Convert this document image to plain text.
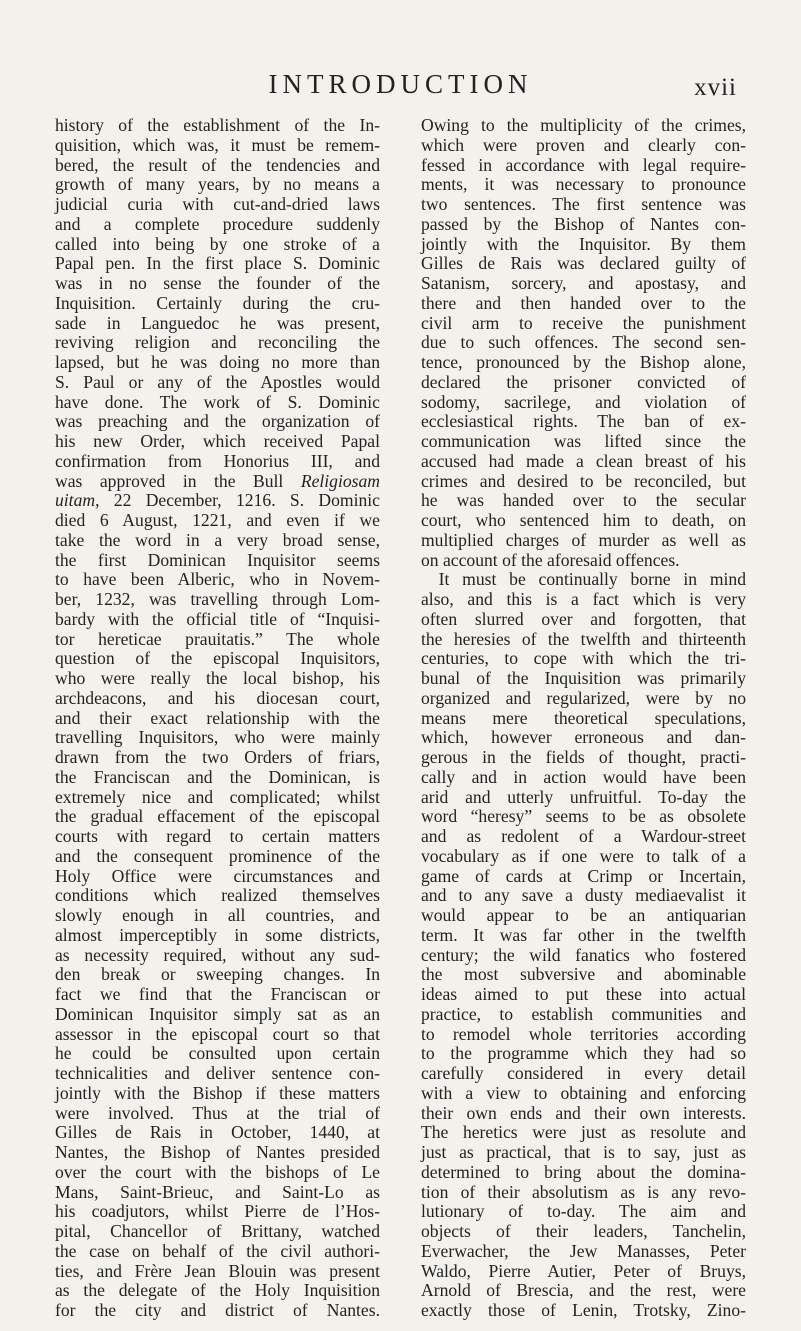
INTRODUCTION	xvii
history of the establishment of the In-
quisition, which was, it must be remem-
bered, the result of the tendencies and
growth of many years, by no means a
judicial curia with cut-and-dried laws
and a complete procedure suddenly
called into being by one stroke of a
Papal pen. In the first place S. Dominic
was in no sense the founder of the
Inquisition. Certainly during the cru-
sade in Languedoc he was present,
reviving religion and reconciling the
lapsed, but he was doing no more than
S. Paul or any of the Apostles would
have done. The work of S. Dominic
was preaching and the organization of
his new Order, which received Papal
confirmation from Honorius III, and
was approved in the Bull Religiosam
uitam, 22 December, 1216. S. Dominic
died 6 August, 1221, and even if we
take the word in a very broad sense,
the first Dominican Inquisitor seems
to have been Alberic, who in Novem-
ber, 1232, was travelling through Lom-
bardy with the official title of “Inquisi-
tor hereticae prauitatis.” The whole
question of the episcopal Inquisitors,
who were really the local bishop, his
archdeacons, and his diocesan court,
and their exact relationship with the
travelling Inquisitors, who were mainly
drawn from the two Orders of friars,
the Franciscan and the Dominican, is
extremely nice and complicated; whilst
the gradual effacement of the episcopal
courts with regard to certain matters
and the consequent prominence of the
Holy Office were circumstances and
conditions which realized themselves
slowly enough in all countries, and
almost imperceptibly in some districts,
as necessity required, without any sud-
den break or sweeping changes. In
fact we find that the Franciscan or
Dominican Inquisitor simply sat as an
assessor in the episcopal court so that
he could be consulted upon certain
technicalities and deliver sentence con-
jointly with the Bishop if these matters
were involved. Thus at the trial of
Gilles de Rais in October, 1440, at
Nantes, the Bishop of Nantes presided
over the court with the bishops of Le
Mans, Saint-Brieuc, and Saint-Lo as
his coadjutors, whilst Pierre de l’Hos-
pital, Chancellor of Brittany, watched
the case on behalf of the civil authori-
ties, and Frère Jean Blouin was present
as the delegate of the Holy Inquisition
for the city and district of Nantes.
Owing to the multiplicity of the crimes,
which were proven and clearly con-
fessed in accordance with legal require-
ments, it was necessary to pronounce
two sentences. The first sentence was
passed by the Bishop of Nantes con-
jointly with the Inquisitor. By them
Gilles de Rais was declared guilty of
Satanism, sorcery, and apostasy, and
there and then handed over to the
civil arm to receive the punishment
due to such offences. The second sen-
tence, pronounced by the Bishop alone,
declared the prisoner convicted of
sodomy, sacrilege, and violation of
ecclesiastical rights. The ban of ex-
communication was lifted since the
accused had made a clean breast of his
crimes and desired to be reconciled, but
he was handed over to the secular
court, who sentenced him to death, on
multiplied charges of murder as well as
on account of the aforesaid offences.
It must be continually borne in mind
also, and this is a fact which is very
often slurred over and forgotten, that
the heresies of the twelfth and thirteenth
centuries, to cope with which the tri-
bunal of the Inquisition was primarily
organized and regularized, were by no
means mere theoretical speculations,
which, however erroneous and dan-
gerous in the fields of thought, practi-
cally and in action would have been
arid and utterly unfruitful. To-day the
word “heresy” seems to be as obsolete
and as redolent of a Wardour-street
vocabulary as if one were to talk of a
game of cards at Crimp or Incertain,
and to any save a dusty mediaevalist it
would appear to be an antiquarian
term. It was far other in the twelfth
century; the wild fanatics who fostered
the most subversive and abominable
ideas aimed to put these into actual
practice, to establish communities and
to remodel whole territories according
to the programme which they had so
carefully considered in every detail
with a view to obtaining and enforcing
their own ends and their own interests.
The heretics were just as resolute and
just as practical, that is to say, just as
determined to bring about the domina-
tion of their absolutism as is any revo-
lutionary of to-day. The aim and
objects of their leaders, Tanchelin,
Everwacher, the Jew Manasses, Peter
Waldo, Pierre Autier, Peter of Bruys,
Arnold of Brescia, and the rest, were
exactly those of Lenin, Trotsky, Zino-
